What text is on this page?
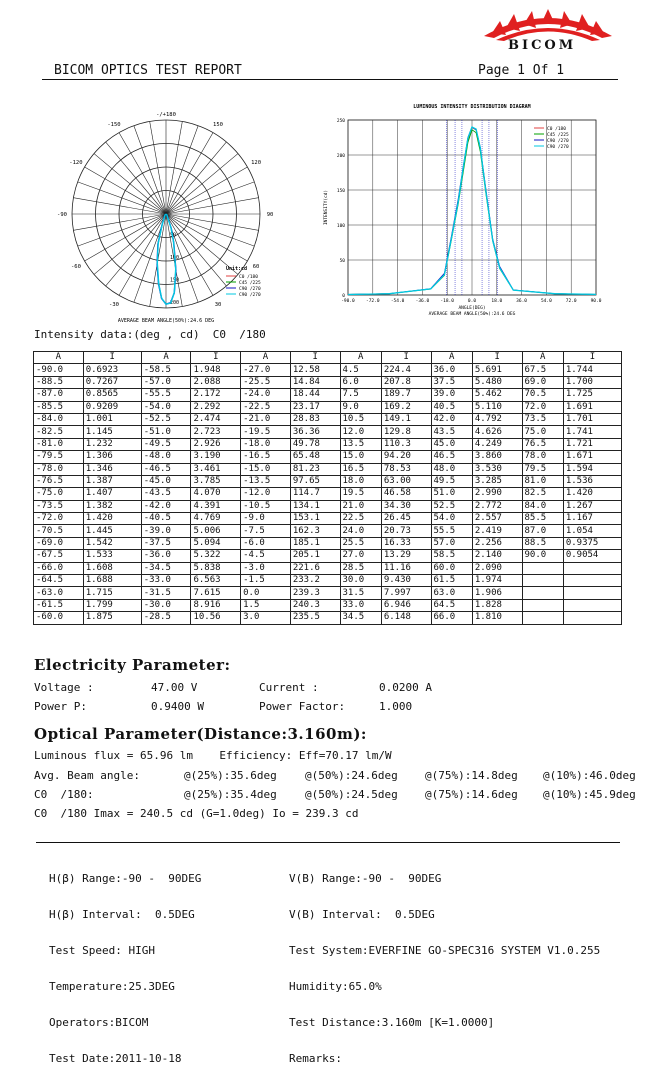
BICOM
BICOM OPTICS TEST REPORT	Page 1 Of 1
-150	150
-120	120
-90	90
-60	60
-30	30
-/+180
50
100
150
200
Unit:cd
C0 /180
C45 /225
C90 /270
C90 /270
AVERAGE BEAM ANGLE(50%):24.6 DEG
LUMINOUS INTENSITY DISTRIBUTION DIAGRAM
-90.0	-72.0	-54.0	-36.0	-18.0	0.0	18.0	36.0	54.0	72.0	90.0
0
50
100
150
200
250
INTENSITY(cd)
ANGLE(DEG)
AVERAGE BEAM ANGLE(50%):24.6 DEG
C0 /180
C45 /225
C90 /270
C90 /270
Intensity data:(deg , cd)  C0  /180
A	I	A	I	A	I	A	I	A	I	A	I
-90.0	0.6923	-58.5	1.948	-27.0	12.58	4.5	224.4	36.0	5.691	67.5	1.744
-88.5	0.7267	-57.0	2.088	-25.5	14.84	6.0	207.8	37.5	5.480	69.0	1.700
-87.0	0.8565	-55.5	2.172	-24.0	18.44	7.5	189.7	39.0	5.462	70.5	1.725
-85.5	0.9209	-54.0	2.292	-22.5	23.17	9.0	169.2	40.5	5.110	72.0	1.691
-84.0	1.001	-52.5	2.474	-21.0	28.83	10.5	149.1	42.0	4.792	73.5	1.701
-82.5	1.145	-51.0	2.723	-19.5	36.36	12.0	129.8	43.5	4.626	75.0	1.741
-81.0	1.232	-49.5	2.926	-18.0	49.78	13.5	110.3	45.0	4.249	76.5	1.721
-79.5	1.306	-48.0	3.190	-16.5	65.48	15.0	94.20	46.5	3.860	78.0	1.671
-78.0	1.346	-46.5	3.461	-15.0	81.23	16.5	78.53	48.0	3.530	79.5	1.594
-76.5	1.387	-45.0	3.785	-13.5	97.65	18.0	63.00	49.5	3.285	81.0	1.536
-75.0	1.407	-43.5	4.070	-12.0	114.7	19.5	46.58	51.0	2.990	82.5	1.420
-73.5	1.382	-42.0	4.391	-10.5	134.1	21.0	34.30	52.5	2.772	84.0	1.267
-72.0	1.420	-40.5	4.769	-9.0	153.1	22.5	26.45	54.0	2.557	85.5	1.167
-70.5	1.445	-39.0	5.006	-7.5	162.3	24.0	20.73	55.5	2.419	87.0	1.054
-69.0	1.542	-37.5	5.094	-6.0	185.1	25.5	16.33	57.0	2.256	88.5	0.9375
-67.5	1.533	-36.0	5.322	-4.5	205.1	27.0	13.29	58.5	2.140	90.0	0.9054
-66.0	1.608	-34.5	5.838	-3.0	221.6	28.5	11.16	60.0	2.090		
-64.5	1.688	-33.0	6.563	-1.5	233.2	30.0	9.430	61.5	1.974		
-63.0	1.715	-31.5	7.615	0.0	239.3	31.5	7.997	63.0	1.906		
-61.5	1.799	-30.0	8.916	1.5	240.3	33.0	6.946	64.5	1.828		
-60.0	1.875	-28.5	10.56	3.0	235.5	34.5	6.148	66.0	1.810		
Electricity Parameter:
Voltage :	47.00 V	Current :	0.0200 A
Power P:	0.9400 W	Power Factor:	1.000
Optical Parameter(Distance:3.160m):
Luminous flux = 65.96 lm    Efficiency: Eff=70.17 lm/W
Avg. Beam angle:	@(25%):35.6deg	@(50%):24.6deg @(75%):14.8deg @(10%):46.0deg
C0  /180:	@(25%):35.4deg	@(50%):24.5deg @(75%):14.6deg @(10%):45.9deg
C0  /180 Imax = 240.5 cd (G=1.0deg) Io = 239.3 cd

H(β) Range:-90 -  90DEG

H(β) Interval:  0.5DEG

Test Speed: HIGH

Temperature:25.3DEG

Operators:BICOM

Test Date:2011-10-18

V(B) Range:-90 -  90DEG

V(B) Interval:  0.5DEG

Test System:EVERFINE GO-SPEC316 SYSTEM V1.0.255

Humidity:65.0%

Test Distance:3.160m [K=1.0000]

Remarks:
